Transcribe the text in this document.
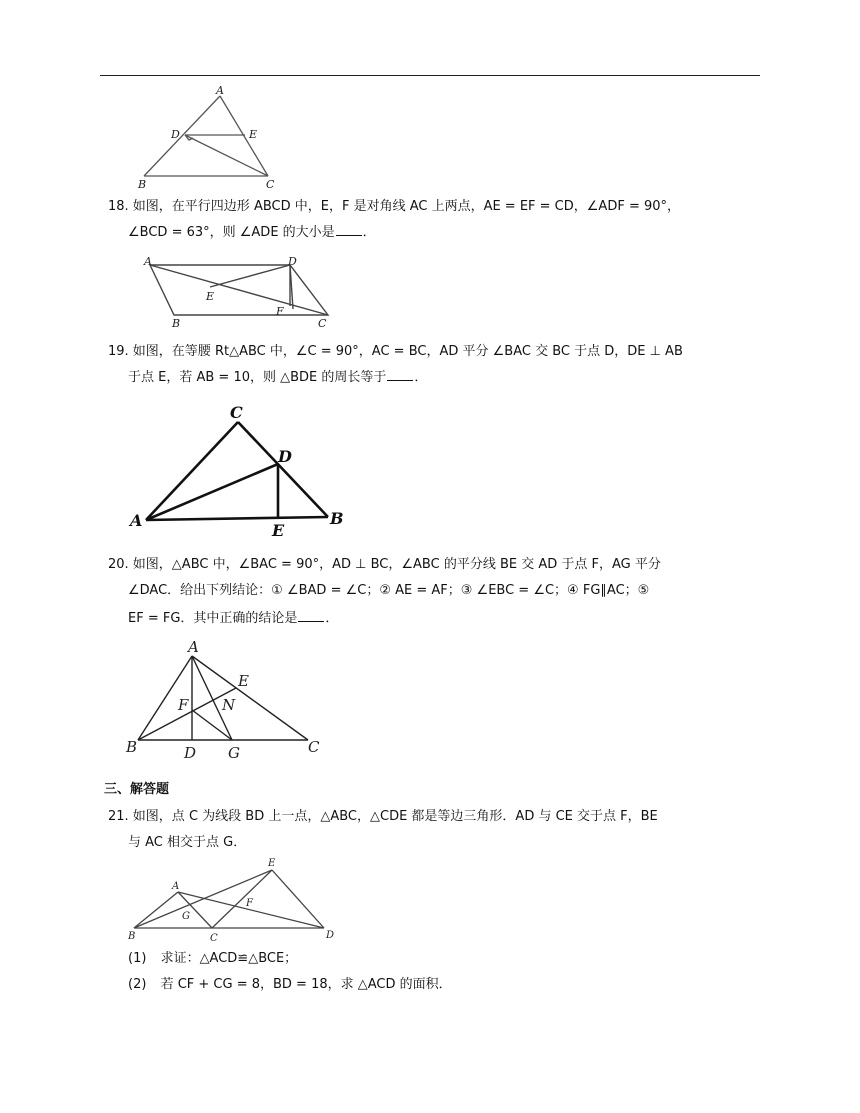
A
D	E
B	C
18. 如图，在平行四边形 ABCD 中，E，F 是对角线 AC 上两点，AE = EF = CD，∠ADF = 90°，
∠BCD = 63°，则 ∠ADE 的大小是 ．
A	D
E
F
B	C
19. 如图，在等腰 Rt△ABC 中，∠C = 90°，AC = BC，AD 平分 ∠BAC 交 BC 于点 D，DE ⊥ AB
于点 E，若 AB = 10，则 △BDE 的周长等于 ．
C
D
A
E
B
20. 如图，△ABC 中，∠BAC = 90°，AD ⊥ BC，∠ABC 的平分线 BE 交 AD 于点 F，AG 平分
∠DAC．给出下列结论：① ∠BAD = ∠C；② AE = AF；③ ∠EBC = ∠C；④ FG∥AC；⑤
EF = FG．其中正确的结论是 ．
A
E
F N
B	D G	C
三、解答题
21. 如图，点 C 为线段 BD 上一点，△ABC，△CDE 都是等边三角形．AD 与 CE 交于点 F，BE
与 AC 相交于点 G．
E
A
F
G
B	C	D
(1) 求证：△ACD≌△BCE；
(2) 若 CF + CG = 8，BD = 18，求 △ACD 的面积．
